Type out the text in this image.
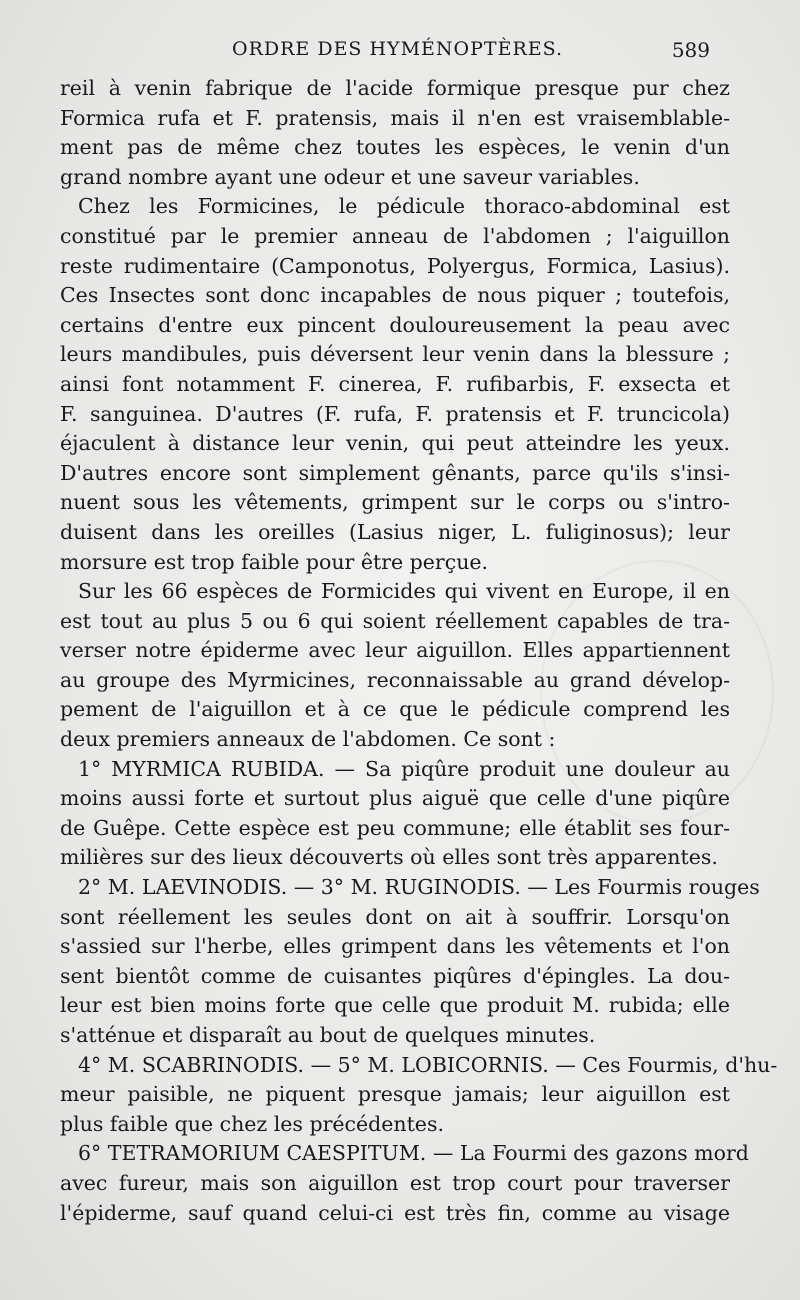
ORDRE DES HYMÉNOPTÈRES.	589
reil à venin fabrique de l'acide formique presque pur chez
Formica rufa et F. pratensis, mais il n'en est vraisemblable-
ment pas de même chez toutes les espèces, le venin d'un
grand nombre ayant une odeur et une saveur variables.
Chez les Formicines, le pédicule thoraco-abdominal est
constitué par le premier anneau de l'abdomen ; l'aiguillon
reste rudimentaire (Camponotus, Polyergus, Formica, Lasius).
Ces Insectes sont donc incapables de nous piquer ; toutefois,
certains d'entre eux pincent douloureusement la peau avec
leurs mandibules, puis déversent leur venin dans la blessure ;
ainsi font notamment F. cinerea, F. rufibarbis, F. exsecta et
F. sanguinea. D'autres (F. rufa, F. pratensis et F. truncicola)
éjaculent à distance leur venin, qui peut atteindre les yeux.
D'autres encore sont simplement gênants, parce qu'ils s'insi-
nuent sous les vêtements, grimpent sur le corps ou s'intro-
duisent dans les oreilles (Lasius niger, L. fuliginosus); leur
morsure est trop faible pour être perçue.
Sur les 66 espèces de Formicides qui vivent en Europe, il en
est tout au plus 5 ou 6 qui soient réellement capables de tra-
verser notre épiderme avec leur aiguillon. Elles appartiennent
au groupe des Myrmicines, reconnaissable au grand dévelop-
pement de l'aiguillon et à ce que le pédicule comprend les
deux premiers anneaux de l'abdomen. Ce sont :
1° MYRMICA RUBIDA. — Sa piqûre produit une douleur au
moins aussi forte et surtout plus aiguë que celle d'une piqûre
de Guêpe. Cette espèce est peu commune; elle établit ses four-
milières sur des lieux découverts où elles sont très apparentes.
2° M. LAEVINODIS. — 3° M. RUGINODIS. — Les Fourmis rouges
sont réellement les seules dont on ait à souffrir. Lorsqu'on
s'assied sur l'herbe, elles grimpent dans les vêtements et l'on
sent bientôt comme de cuisantes piqûres d'épingles. La dou-
leur est bien moins forte que celle que produit M. rubida; elle
s'atténue et disparaît au bout de quelques minutes.
4° M. SCABRINODIS. — 5° M. LOBICORNIS. — Ces Fourmis, d'hu-
meur paisible, ne piquent presque jamais; leur aiguillon est
plus faible que chez les précédentes.
6° TETRAMORIUM CAESPITUM. — La Fourmi des gazons mord
avec fureur, mais son aiguillon est trop court pour traverser
l'épiderme, sauf quand celui-ci est très fin, comme au visage
